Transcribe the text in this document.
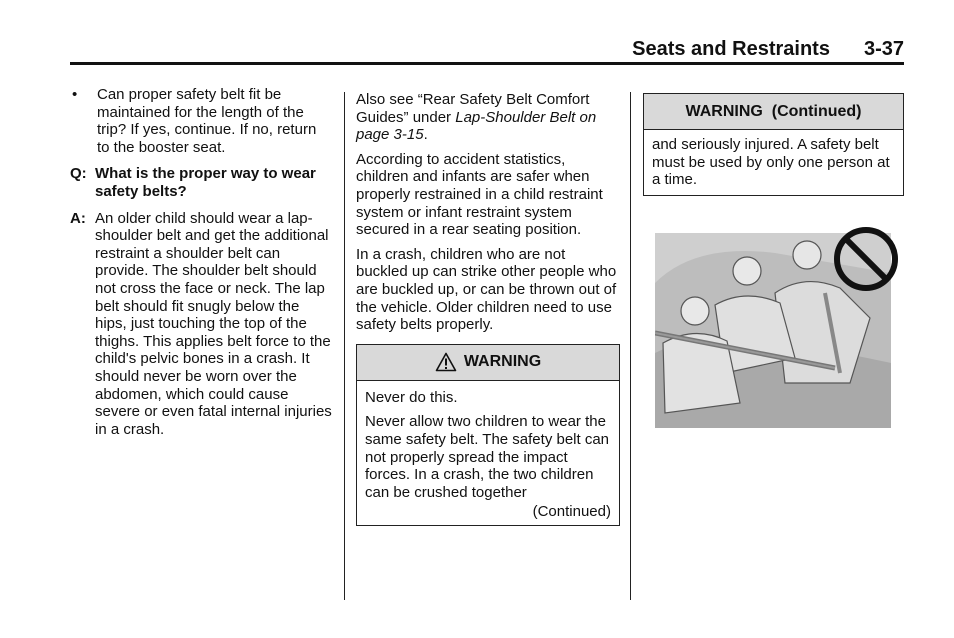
Seats and Restraints 3-37
•	Can proper safety belt fit be maintained for the length of the trip? If yes, continue. If no, return to the booster seat.
Q: What is the proper way to wear safety belts?
A: An older child should wear a lap-shoulder belt and get the additional restraint a shoulder belt can provide. The shoulder belt should not cross the face or neck. The lap belt should fit snugly below the hips, just touching the top of the thighs. This applies belt force to the child's pelvic bones in a crash. It should never be worn over the abdomen, which could cause severe or even fatal internal injuries in a crash.

Also see “Rear Safety Belt Comfort Guides” under Lap-Shoulder Belt on page 3-15.

According to accident statistics, children and infants are safer when properly restrained in a child restraint system or infant restraint system secured in a rear seating position.

In a crash, children who are not buckled up can strike other people who are buckled up, or can be thrown out of the vehicle. Older children need to use safety belts properly.

WARNING

Never do this.

Never allow two children to wear the same safety belt. The safety belt can not properly spread the impact forces. In a crash, the two children can be crushed together

(Continued)
WARNING  (Continued)
and seriously injured. A safety belt must be used by only one person at a time.
